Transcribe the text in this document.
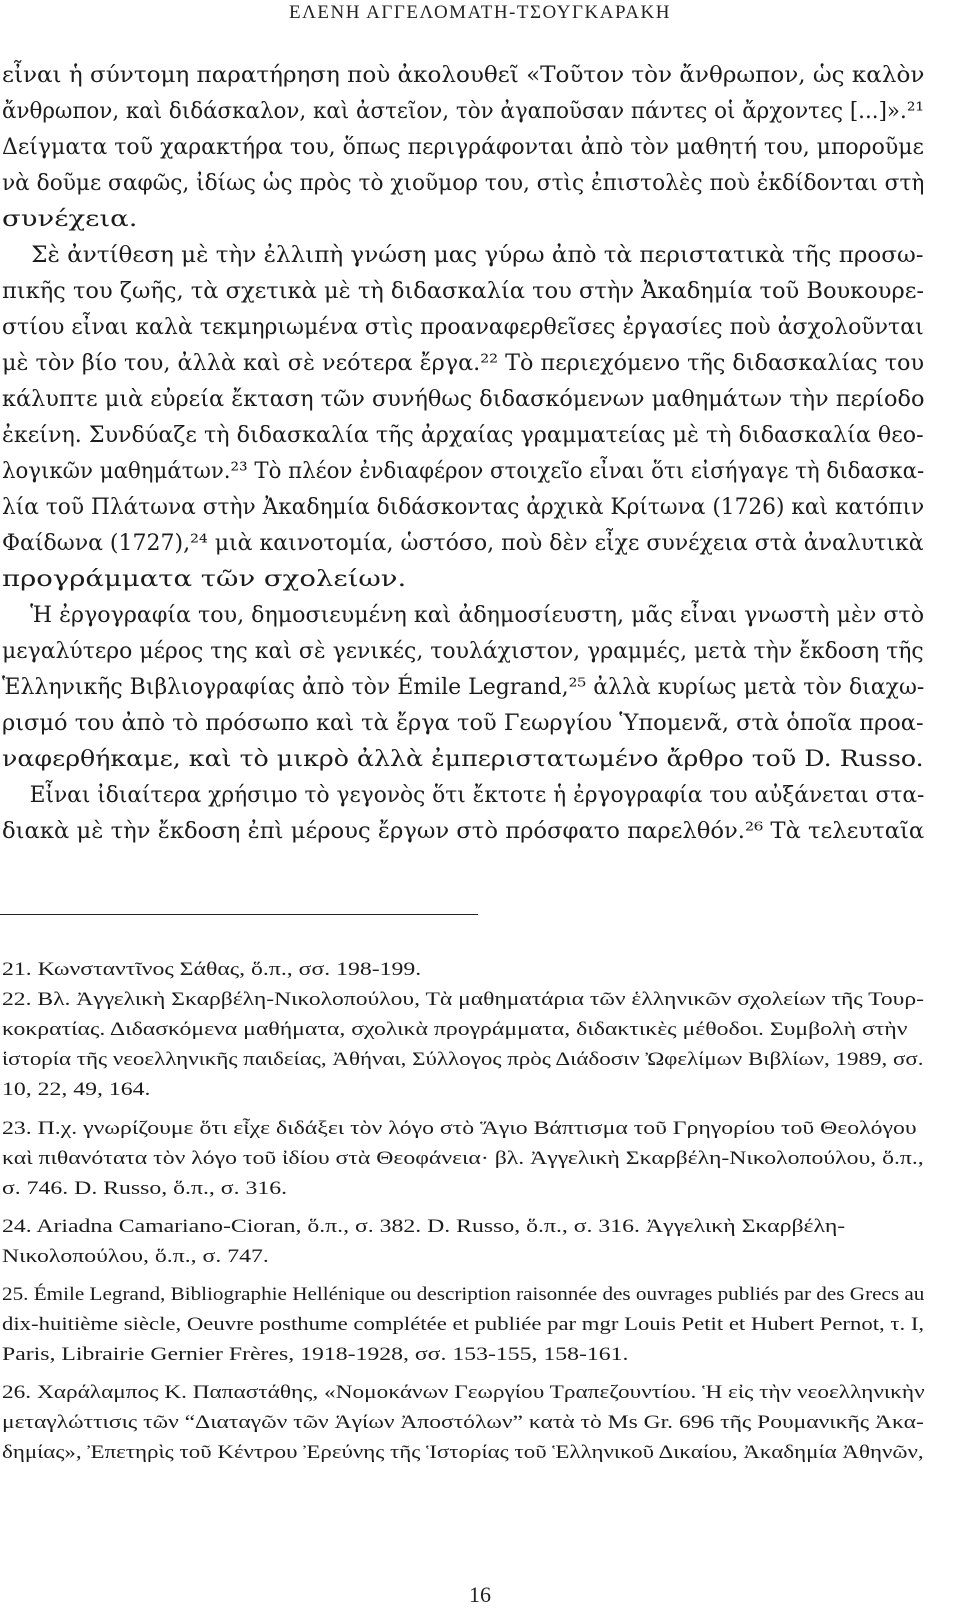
ΕΛΕΝΗ ΑΓΓΕΛΟΜΑΤΗ-ΤΣΟΥΓΚΑΡΑΚΗ
εἶναι ἡ σύντομη παρατήρηση ποὺ ἀκολουθεῖ «Τοῦτον τὸν ἄνθρωπον, ὡς καλὸν
ἄνθρωπον, καὶ διδάσκαλον, καὶ ἀστεῖον, τὸν ἀγαποῦσαν πάντες οἱ ἄρχοντες [...]».²¹
Δείγματα τοῦ χαρακτήρα του, ὅπως περιγράφονται ἀπὸ τὸν μαθητή του, μποροῦμε
νὰ δοῦμε σαφῶς, ἰδίως ὡς πρὸς τὸ χιοῦμορ του, στὶς ἐπιστολὲς ποὺ ἐκδίδονται στὴ
συνέχεια.
Σὲ ἀντίθεση μὲ τὴν ἐλλιπὴ γνώση μας γύρω ἀπὸ τὰ περιστατικὰ τῆς προσω-
πικῆς του ζωῆς, τὰ σχετικὰ μὲ τὴ διδασκαλία του στὴν Ἀκαδημία τοῦ Βουκουρε-
στίου εἶναι καλὰ τεκμηριωμένα στὶς προαναφερθεῖσες ἐργασίες ποὺ ἀσχολοῦνται
μὲ τὸν βίο του, ἀλλὰ καὶ σὲ νεότερα ἔργα.²² Τὸ περιεχόμενο τῆς διδασκαλίας του
κάλυπτε μιὰ εὐρεία ἔκταση τῶν συνήθως διδασκόμενων μαθημάτων τὴν περίοδο
ἐκείνη. Συνδύαζε τὴ διδασκαλία τῆς ἀρχαίας γραμματείας μὲ τὴ διδασκαλία θεο-
λογικῶν μαθημάτων.²³ Τὸ πλέον ἐνδιαφέρον στοιχεῖο εἶναι ὅτι εἰσήγαγε τὴ διδασκα-
λία τοῦ Πλάτωνα στὴν Ἀκαδημία διδάσκοντας ἀρχικὰ Κρίτωνα (1726) καὶ κατόπιν
Φαίδωνα (1727),²⁴ μιὰ καινοτομία, ὡστόσο, ποὺ δὲν εἶχε συνέχεια στὰ ἀναλυτικὰ
προγράμματα τῶν σχολείων.
Ἡ ἐργογραφία του, δημοσιευμένη καὶ ἀδημοσίευστη, μᾶς εἶναι γνωστὴ μὲν στὸ
μεγαλύτερο μέρος της καὶ σὲ γενικές, τουλάχιστον, γραμμές, μετὰ τὴν ἔκδοση τῆς
Ἑλληνικῆς Βιβλιογραφίας ἀπὸ τὸν Émile Legrand,²⁵ ἀλλὰ κυρίως μετὰ τὸν διαχω-
ρισμό του ἀπὸ τὸ πρόσωπο καὶ τὰ ἔργα τοῦ Γεωργίου Ὑπομενᾶ, στὰ ὁποῖα προα-
ναφερθήκαμε, καὶ τὸ μικρὸ ἀλλὰ ἐμπεριστατωμένο ἄρθρο τοῦ D. Russo.
Εἶναι ἰδιαίτερα χρήσιμο τὸ γεγονὸς ὅτι ἔκτοτε ἡ ἐργογραφία του αὐξάνεται στα-
διακὰ μὲ τὴν ἔκδοση ἐπὶ μέρους ἔργων στὸ πρόσφατο παρελθόν.²⁶ Τὰ τελευταῖα
21. Κωνσταντῖνος Σάθας, ὅ.π., σσ. 198-199.
22. Βλ. Ἀγγελικὴ Σκαρβέλη-Νικολοπούλου, Τὰ μαθηματάρια τῶν ἑλληνικῶν σχολείων τῆς Τουρ-
κοκρατίας. Διδασκόμενα μαθήματα, σχολικὰ προγράμματα, διδακτικὲς μέθοδοι. Συμβολὴ στὴν
ἱστορία τῆς νεοελληνικῆς παιδείας, Ἀθήναι, Σύλλογος πρὸς Διάδοσιν Ὠφελίμων Βιβλίων, 1989, σσ.
10, 22, 49, 164.
23. Π.χ. γνωρίζουμε ὅτι εἶχε διδάξει τὸν λόγο στὸ Ἅγιο Βάπτισμα τοῦ Γρηγορίου τοῦ Θεολόγου
καὶ πιθανότατα τὸν λόγο τοῦ ἰδίου στὰ Θεοφάνεια· βλ. Ἀγγελικὴ Σκαρβέλη-Νικολοπούλου, ὅ.π.,
σ. 746. D. Russo, ὅ.π., σ. 316.
24. Ariadna Camariano-Cioran, ὅ.π., σ. 382. D. Russo, ὅ.π., σ. 316. Ἀγγελικὴ Σκαρβέλη-
Νικολοπούλου, ὅ.π., σ. 747.
25. Émile Legrand, Bibliographie Hellénique ou description raisonnée des ouvrages publiés par des Grecs au
dix-huitième siècle, Oeuvre posthume complétée et publiée par mgr Louis Petit et Hubert Pernot, τ. I,
Paris, Librairie Gernier Frères, 1918-1928, σσ. 153-155, 158-161.
26. Χαράλαμπος Κ. Παπαστάθης, «Νομοκάνων Γεωργίου Τραπεζουντίου. Ἡ εἰς τὴν νεοελληνικὴν
μεταγλώττισις τῶν “Διαταγῶν τῶν Ἁγίων Ἀποστόλων” κατὰ τὸ Ms Gr. 696 τῆς Ρουμανικῆς Ἀκα-
δημίας», Ἐπετηρὶς τοῦ Κέντρου Ἐρεύνης τῆς Ἱστορίας τοῦ Ἑλληνικοῦ Δικαίου, Ἀκαδημία Ἀθηνῶν,
16
